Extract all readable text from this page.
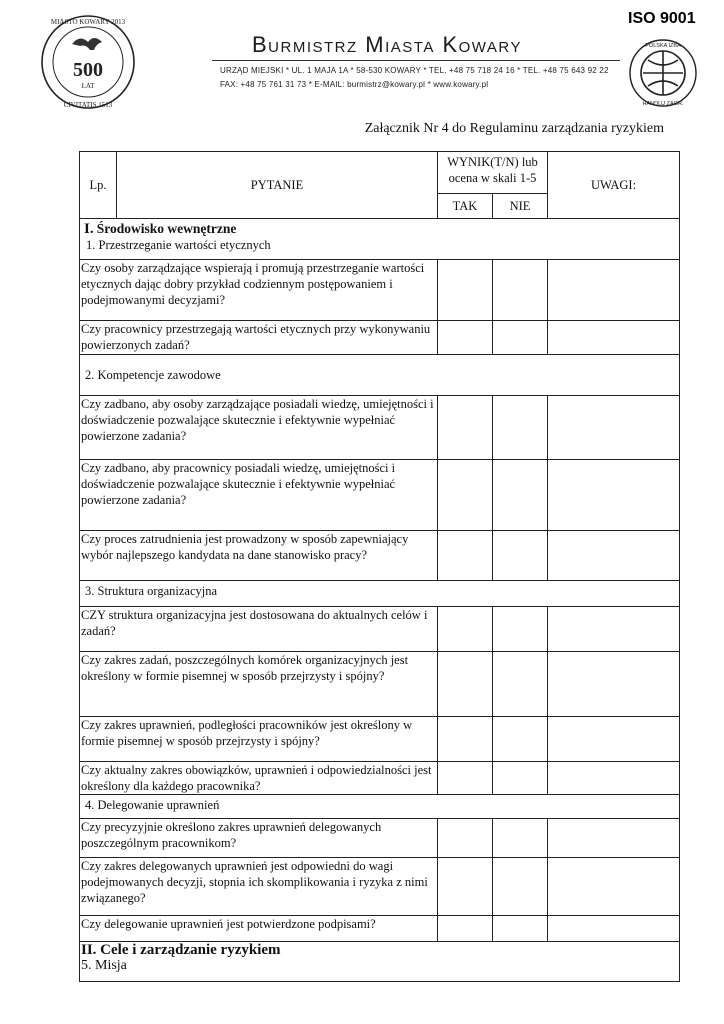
MIASTO KOWARY 2013
CIVITATIS 1513
500
LAT
ISO 9001
POLSKA IZBA
HANDLU ZAGR.
Burmistrz Miasta Kowary
URZĄD MIEJSKI * UL. 1 MAJA 1A * 58-530 KOWARY * TEL. +48 75 718 24 16 * TEL. +48 75 643 92 22
FAX: +48 75 761 31 73 * E-MAIL: burmistrz@kowary.pl * www.kowary.pl
Załącznik Nr 4 do Regulaminu zarządzania ryzykiem
Lp.	PYTANIE	WYNIK(T/N) lub ocena w skali 1-5		UWAGI:
		TAK	NIE	

I. Środowisko wewnętrzne
1. Przestrzeganie wartości etycznych				

Czy osoby zarządzające wspierają i promują przestrzeganie wartości etycznych dając dobry przykład codziennym postępowaniem i podejmowanymi decyzjami?				
Czy pracownicy przestrzegają wartości etycznych przy wykonywaniu powierzonych zadań?				
2. Kompetencje zawodowe				
Czy zadbano, aby osoby zarządzające posiadali wiedzę, umiejętności i doświadczenie pozwalające skutecznie i efektywnie wypełniać powierzone zadania?				
Czy zadbano, aby pracownicy posiadali wiedzę, umiejętności i doświadczenie pozwalające skutecznie i efektywnie wypełniać powierzone zadania?				
Czy proces zatrudnienia jest prowadzony w sposób zapewniający wybór najlepszego kandydata na dane stanowisko pracy?				
3. Struktura organizacyjna				
CZY struktura organizacyjna jest dostosowana do aktualnych celów i zadań?				
Czy zakres zadań, poszczególnych komórek organizacyjnych jest określony w formie pisemnej w sposób przejrzysty i spójny?				
Czy zakres uprawnień, podległości pracowników jest określony w formie pisemnej w sposób przejrzysty i spójny?				
Czy aktualny zakres obowiązków, uprawnień i odpowiedzialności jest określony dla każdego pracownika?				
4. Delegowanie uprawnień				
Czy precyzyjnie określono zakres uprawnień delegowanych poszczególnym pracownikom?				
Czy zakres delegowanych uprawnień jest odpowiedni do wagi podejmowanych decyzji, stopnia ich skomplikowania i ryzyka z nimi związanego?				
Czy delegowanie uprawnień jest potwierdzone podpisami?				

II. Cele i zarządzanie ryzykiem
5. Misja				
